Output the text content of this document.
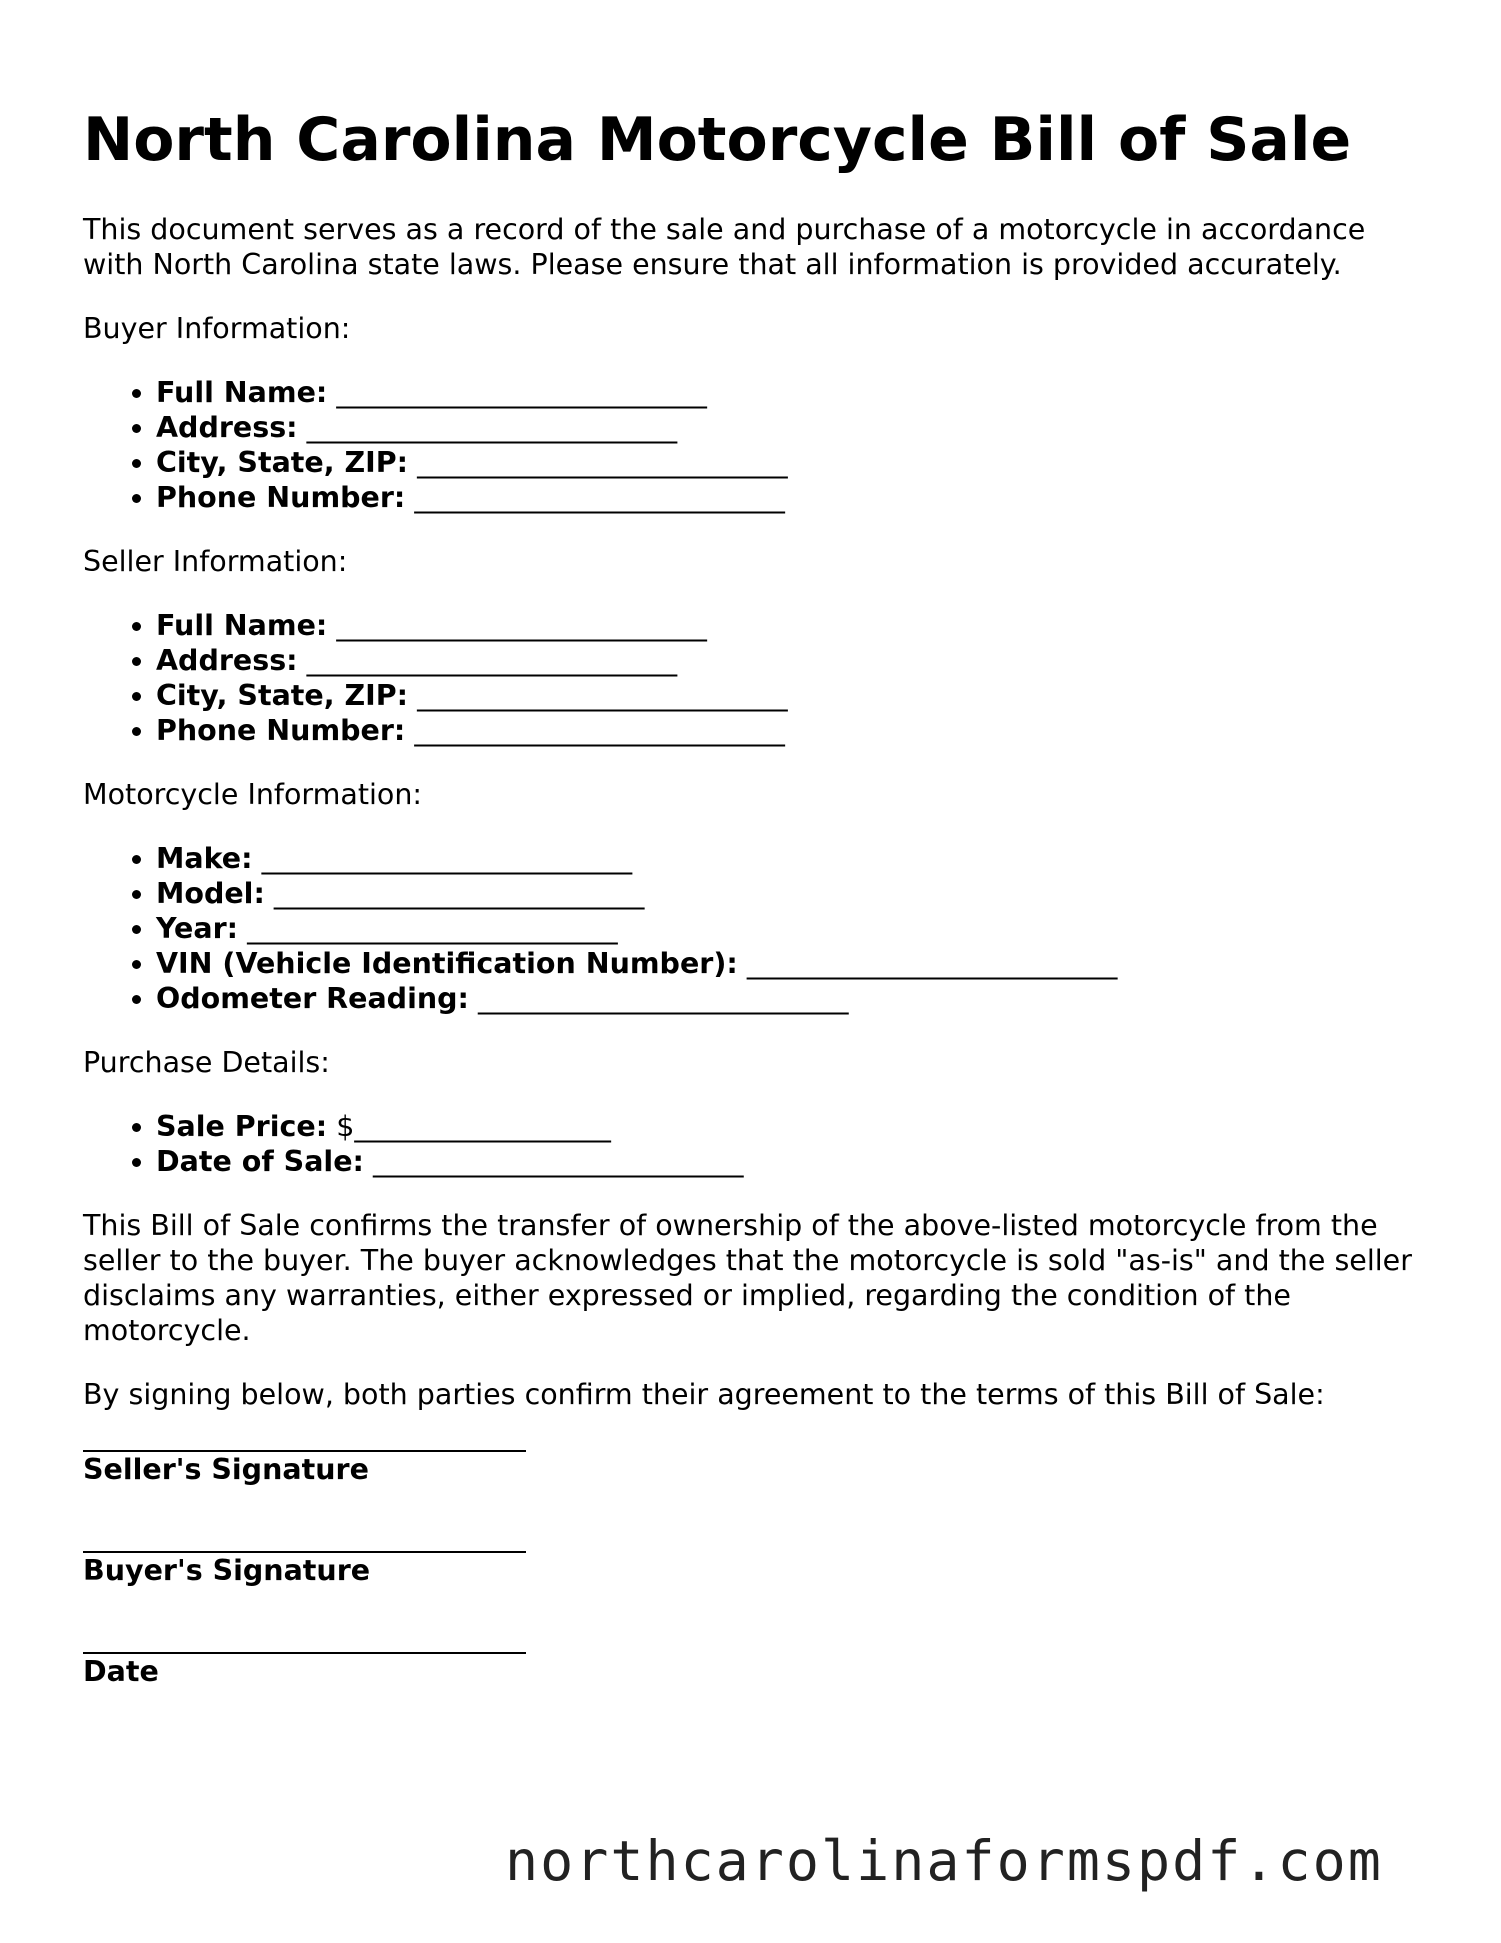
North Carolina Motorcycle Bill of Sale

This document serves as a record of the sale and purchase of a motorcycle in accordance with North Carolina state laws. Please ensure that all information is provided accurately.

Buyer Information:
• Full Name: __________________________
• Address: __________________________
• City, State, ZIP: __________________________
• Phone Number: __________________________
Seller Information:
• Full Name: __________________________
• Address: __________________________
• City, State, ZIP: __________________________
• Phone Number: __________________________
Motorcycle Information:
• Make: __________________________
• Model: __________________________
• Year: __________________________
• VIN (Vehicle Identification Number): __________________________
• Odometer Reading: __________________________
Purchase Details:
• Sale Price: $__________________
• Date of Sale: __________________________

This Bill of Sale confirms the transfer of ownership of the above-listed motorcycle from the seller to the buyer. The buyer acknowledges that the motorcycle is sold "as-is" and the seller disclaims any warranties, either expressed or implied, regarding the condition of the motorcycle.

By signing below, both parties confirm their agreement to the terms of this Bill of Sale:

Seller's Signature
Buyer's Signature
Date
northcarolinaformspdf.com
